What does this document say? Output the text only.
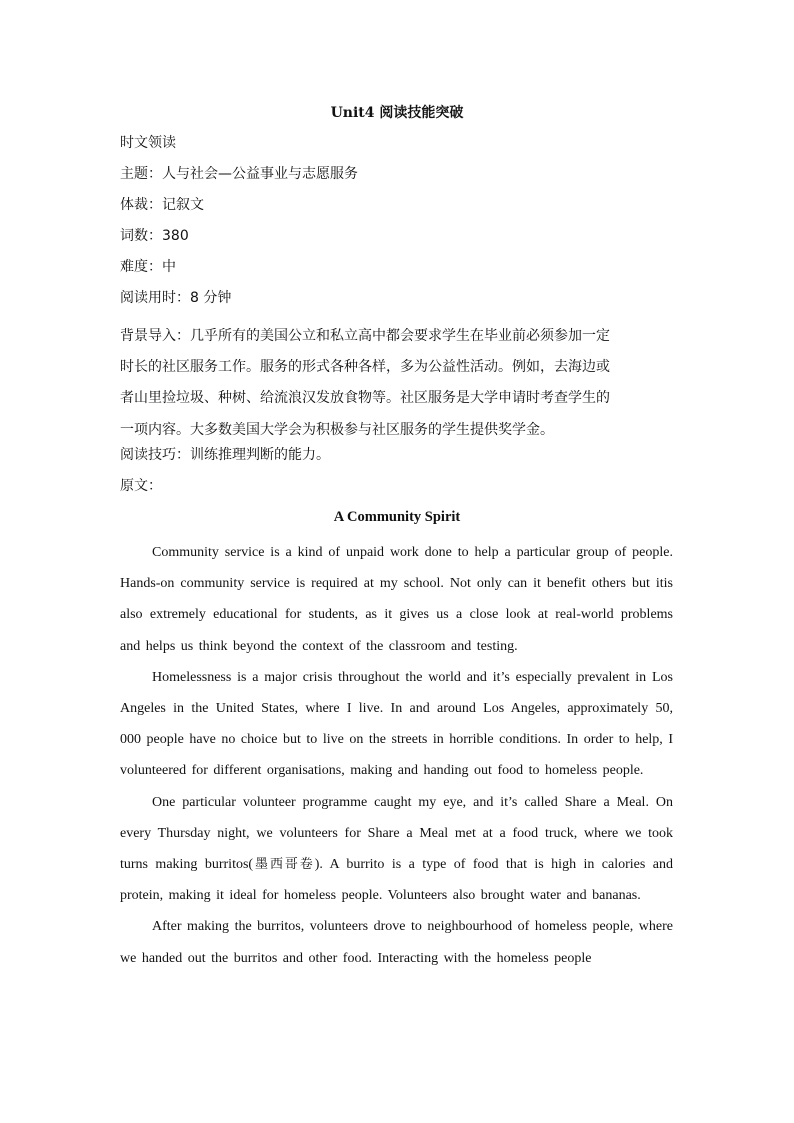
Unit4 阅读技能突破
时文领读
主题：人与社会—公益事业与志愿服务
体裁：记叙文
词数：380
难度：中
阅读用时：8 分钟
背景导入：几乎所有的美国公立和私立高中都会要求学生在毕业前必须参加一定
时长的社区服务工作。服务的形式各种各样，多为公益性活动。例如，去海边或
者山里捡垃圾、种树、给流浪汉发放食物等。社区服务是大学申请时考查学生的
一项内容。大多数美国大学会为积极参与社区服务的学生提供奖学金。
阅读技巧：训练推理判断的能力。
原文：
A Community Spirit

Community service is a kind of unpaid work done to help a particular group of people. Hands-on community service is required at my school. Not only can it benefit others but itis also extremely educational for students, as it gives us a close look at real-world problems and helps us think beyond the context of the classroom and testing.

Homelessness is a major crisis throughout the world and it’s especially prevalent in Los Angeles in the United States, where I live. In and around Los Angeles, approximately 50, 000 people have no choice but to live on the streets in horrible conditions. In order to help, I volunteered for different organisations, making and handing out food to homeless people.

One particular volunteer programme caught my eye, and it’s called Share a Meal. On every Thursday night, we volunteers for Share a Meal met at a food truck, where we took turns making burritos(墨西哥卷). A burrito is a type of food that is high in calories and protein, making it ideal for homeless people. Volunteers also brought water and bananas.

After making the burritos, volunteers drove to neighbourhood of homeless people, where we handed out the burritos and other food. Interacting with the homeless people
